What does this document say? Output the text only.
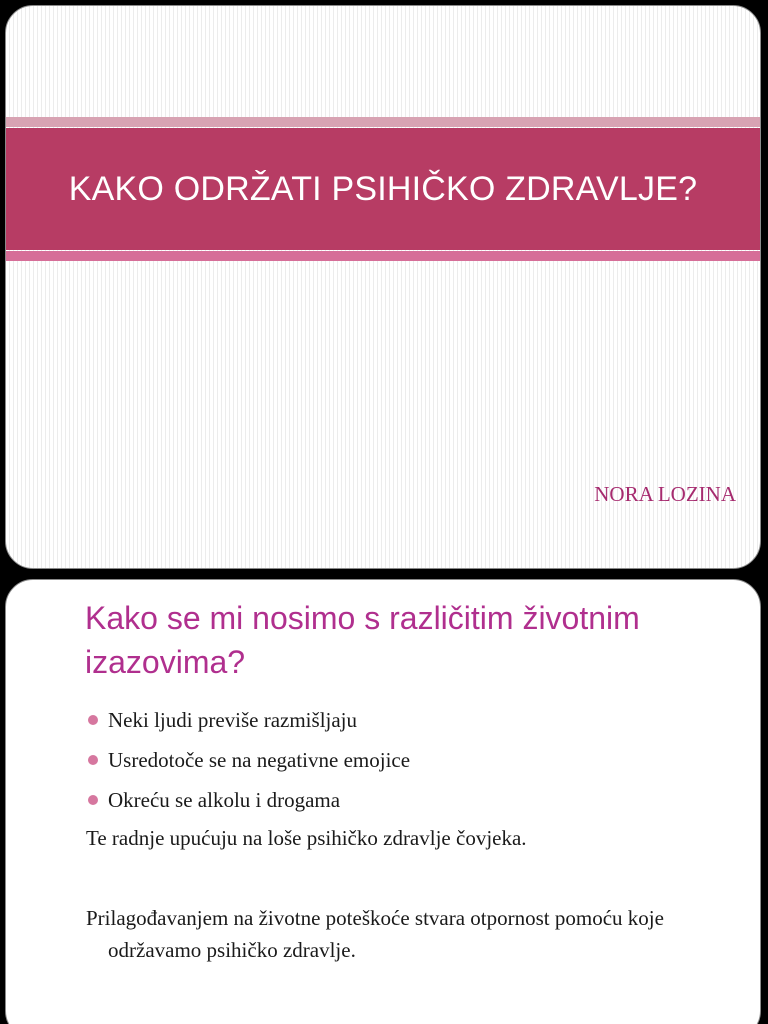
KAKO ODRŽATI PSIHIČKO ZDRAVLJE?
NORA LOZINA
Kako se mi nosimo s različitim životnim izazovima?
Neki ljudi previše razmišljaju
Usredotoče se na negativne emojice
Okreću se alkolu i drogama
Te radnje upućuju na loše psihičko zdravlje čovjeka.
Prilagođavanjem na životne poteškoće stvara otpornost pomoću koje održavamo psihičko zdravlje.
